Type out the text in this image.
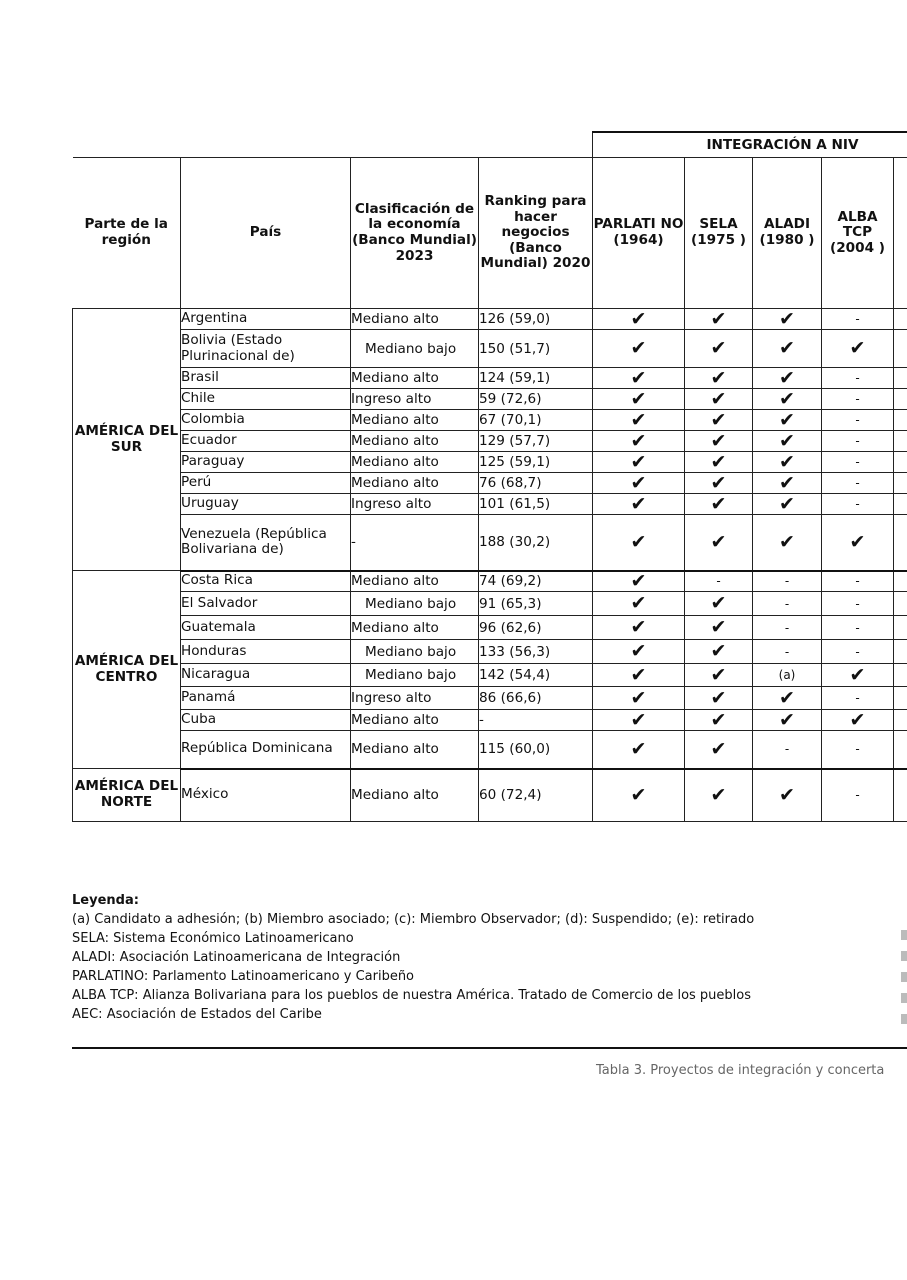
				INTEGRACIÓN A NIV				
Parte de la región	País	Clasificación de la economía (Banco Mundial) 2023	Ranking para hacer negocios (Banco Mundial) 2020	PARLATI NO (1964)	SELA (1975 )	ALADI (1980 )	ALBA TCP (2004 )	
AMÉRICA DEL SUR	Argentina	Mediano alto	126 (59,0)	✔	✔	✔	-	
	Bolivia (Estado Plurinacional de)	Mediano bajo	150 (51,7)	✔	✔	✔	✔	
	Brasil	Mediano alto	124 (59,1)	✔	✔	✔	-	
	Chile	Ingreso alto	59 (72,6)	✔	✔	✔	-	
	Colombia	Mediano alto	67 (70,1)	✔	✔	✔	-	
	Ecuador	Mediano alto	129 (57,7)	✔	✔	✔	-	
	Paraguay	Mediano alto	125 (59,1)	✔	✔	✔	-	
	Perú	Mediano alto	76 (68,7)	✔	✔	✔	-	
	Uruguay	Ingreso alto	101 (61,5)	✔	✔	✔	-	
	Venezuela (República Bolivariana de)	-	188 (30,2)	✔	✔	✔	✔	
AMÉRICA DEL CENTRO	Costa Rica	Mediano alto	74 (69,2)	✔	-	-	-	
	El Salvador	Mediano bajo	91 (65,3)	✔	✔	-	-	
	Guatemala	Mediano alto	96 (62,6)	✔	✔	-	-	
	Honduras	Mediano bajo	133 (56,3)	✔	✔	-	-	
	Nicaragua	Mediano bajo	142 (54,4)	✔	✔	(a)	✔	
	Panamá	Ingreso alto	86 (66,6)	✔	✔	✔	-	
	Cuba	Mediano alto	-	✔	✔	✔	✔	
	República Dominicana	Mediano alto	115 (60,0)	✔	✔	-	-	
AMÉRICA DEL NORTE	México	Mediano alto	60 (72,4)	✔	✔	✔	-	
Leyenda:
(a) Candidato a adhesión; (b) Miembro asociado; (c): Miembro Observador; (d): Suspendido; (e): retirado
SELA: Sistema Económico Latinoamericano
ALADI: Asociación Latinoamericana de Integración
PARLATINO: Parlamento Latinoamericano y Caribeño
ALBA TCP: Alianza Bolivariana para los pueblos de nuestra América. Tratado de Comercio de los pueblos
AEC: Asociación de Estados del Caribe
Tabla 3. Proyectos de integración y concerta
